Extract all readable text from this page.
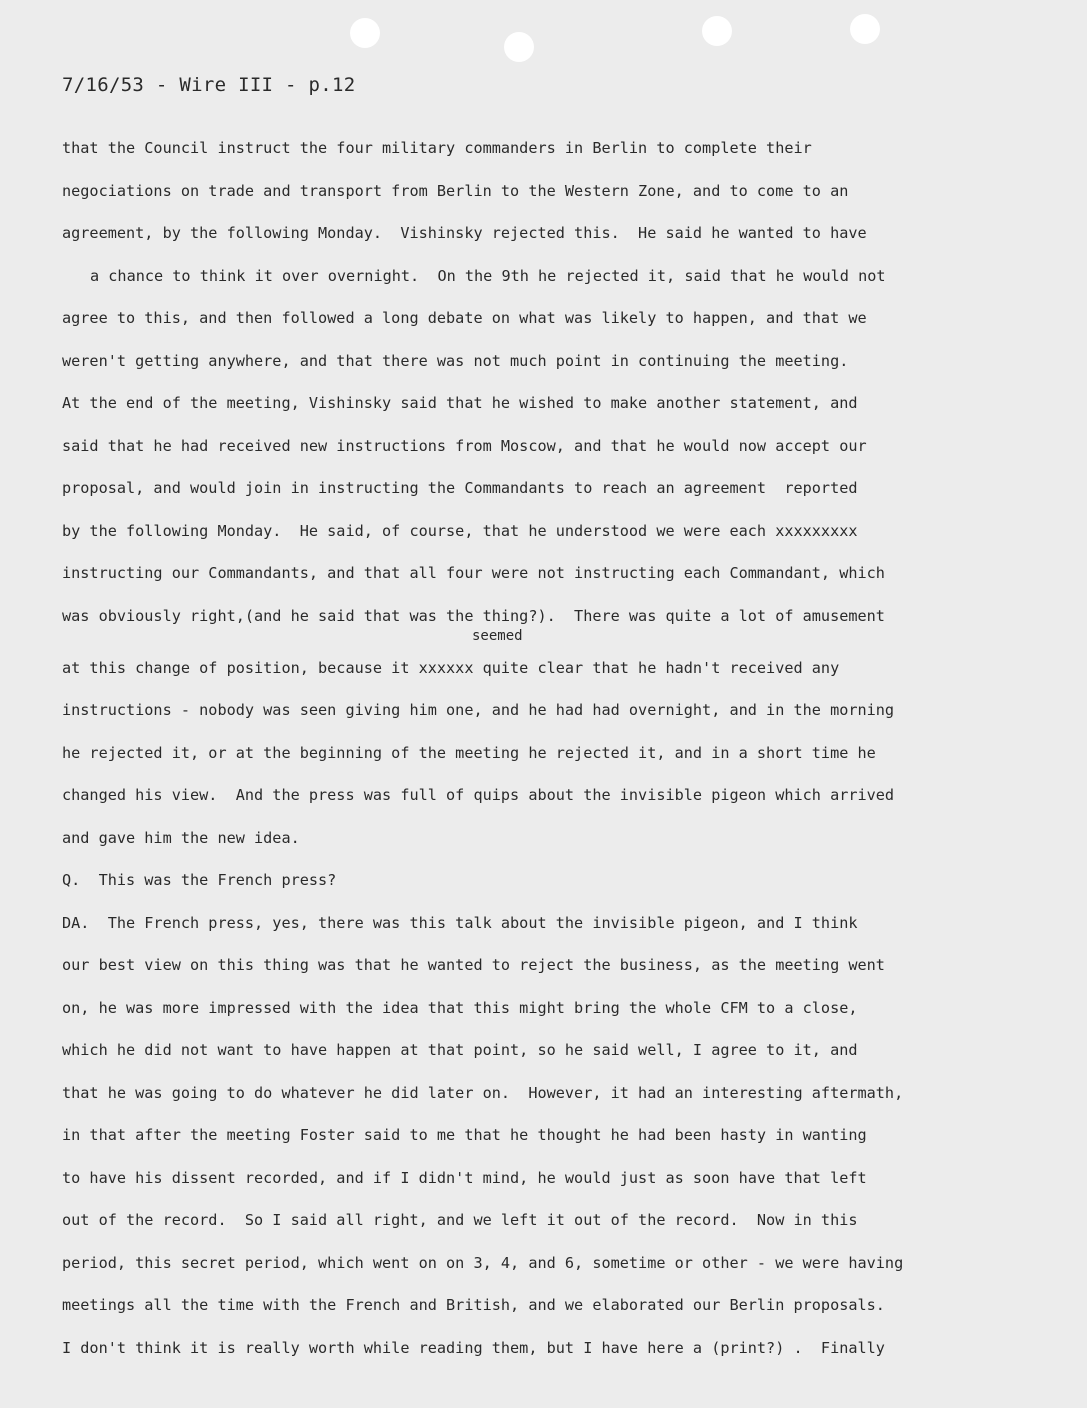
7/16/53 - Wire III - p.12
that the Council instruct the four military commanders in Berlin to complete their
negociations on trade and transport from Berlin to the Western Zone, and to come to an
agreement, by the following Monday.  Vishinsky rejected this.  He said he wanted to have
a chance to think it over overnight.  On the 9th he rejected it, said that he would not
agree to this, and then followed a long debate on what was likely to happen, and that we
weren't getting anywhere, and that there was not much point in continuing the meeting.
At the end of the meeting, Vishinsky said that he wished to make another statement, and
said that he had received new instructions from Moscow, and that he would now accept our
proposal, and would join in instructing the Commandants to reach an agreement  reported
by the following Monday.  He said, of course, that he understood we were each xxxxxxxxx
instructing our Commandants, and that all four were not instructing each Commandant, which
was obviously right,(and he said that was the thing?).  There was quite a lot of amusement

seemed

at this change of position, because it xxxxxx quite clear that he hadn't received any
instructions - nobody was seen giving him one, and he had had overnight, and in the morning
he rejected it, or at the beginning of the meeting he rejected it, and in a short time he
changed his view.  And the press was full of quips about the invisible pigeon which arrived
and gave him the new idea.
Q.  This was the French press?
DA.  The French press, yes, there was this talk about the invisible pigeon, and I think
our best view on this thing was that he wanted to reject the business, as the meeting went
on, he was more impressed with the idea that this might bring the whole CFM to a close,
which he did not want to have happen at that point, so he said well, I agree to it, and
that he was going to do whatever he did later on.  However, it had an interesting aftermath,
in that after the meeting Foster said to me that he thought he had been hasty in wanting
to have his dissent recorded, and if I didn't mind, he would just as soon have that left
out of the record.  So I said all right, and we left it out of the record.  Now in this
period, this secret period, which went on on 3, 4, and 6, sometime or other - we were having
meetings all the time with the French and British, and we elaborated our Berlin proposals.
I don't think it is really worth while reading them, but I have here a (print?) .  Finally
